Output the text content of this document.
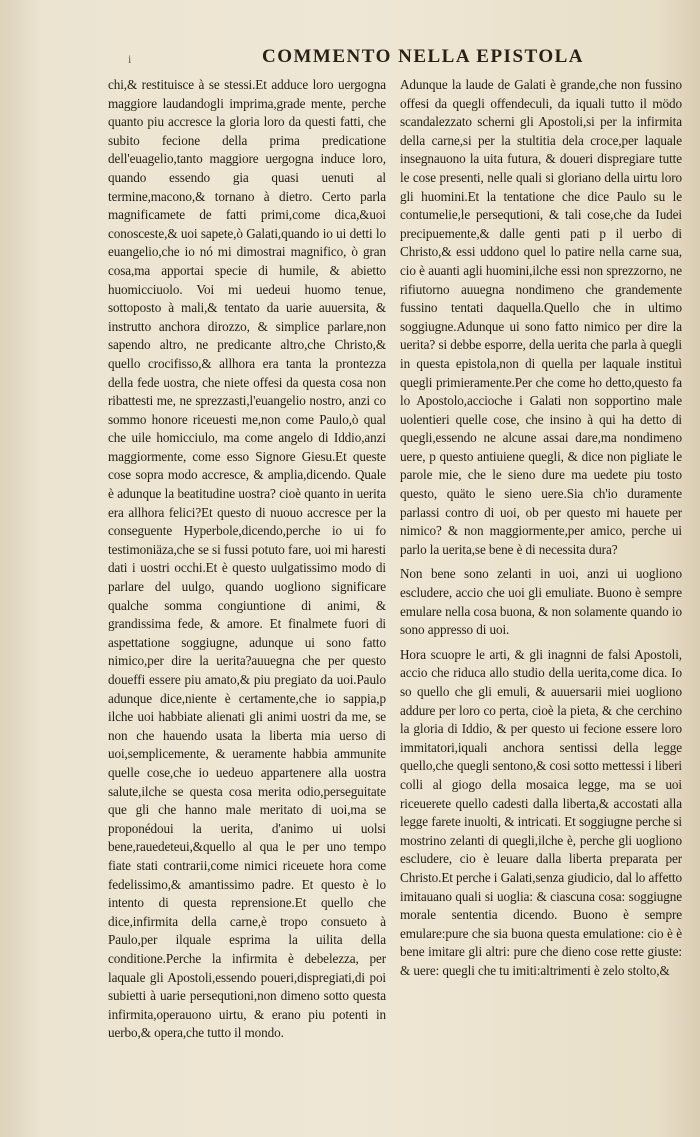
i	COMMENTO NELLA EPISTOLA

chi,& restituisce à se stessi.Et adduce loro uergogna maggiore laudandogli imprima,grade mente, perche quanto piu accresce la gloria loro da questi fatti, che subito fecione della prima predicatione dell'euagelio,tanto maggiore uergogna induce loro, quando essendo gia quasi uenuti al termine,macono,& tornano à dietro. Certo parla magnificamete de fatti primi,come dica,&uoi conosceste,& uoi sapete,ò Galati,quando io ui detti lo euangelio,che io nó mi dimostrai magnifico, ò gran cosa,ma apportai specie di humile, & abietto huomicciuolo. Voi mi uedeui huomo tenue, sottoposto à mali,& tentato da uarie auuersita, & instrutto anchora dirozzo, & simplice parlare,non sapendo altro, ne predicante altro,che Christo,& quello crocifisso,& allhora era tanta la prontezza della fede uostra, che niete offesi da questa cosa non ribattesti me, ne sprezzasti,l'euangelio nostro, anzi co sommo honore riceuesti me,non come Paulo,ò qual che uile homicciulo, ma come angelo di Iddio,anzi maggiormente, come esso Signore Giesu.Et queste cose sopra modo accresce, & amplia,dicendo. Quale è adunque la beatitudine uostra? cioè quanto in uerita era allhora felici?Et questo di nuouo accresce per la conseguente Hyperbole,dicendo,perche io ui fo testimoniäza,che se si fussi potuto fare, uoi mi haresti dati i uostri occhi.Et è questo uulgatissimo modo di parlare del uulgo, quando uogliono significare qualche somma congiuntione di animi, & grandissima fede, & amore. Et finalmete fuori di aspettatione soggiugne, adunque ui sono fatto nimico,per dire la uerita?auuegna che per questo doueffi essere piu amato,& piu pregiato da uoi.Paulo adunque dice,niente è certamente,che io sappia,p ilche uoi habbiate alienati gli animi uostri da me, se non che hauendo usata la liberta mia uerso di uoi,semplicemente, & ueramente habbia ammunite quelle cose,che io uedeuo appartenere alla uostra salute,ilche se questa cosa merita odio,perseguitate que gli che hanno male meritato di uoi,ma se proponédoui la uerita, d'animo ui uolsi bene,rauedeteui,&quello al qua le per uno tempo fiate stati contrarii,come nimici riceuete hora come fedelissimo,& amantissimo padre. Et questo è lo intento di questa reprensione.Et quello che dice,infirmita della carne,è tropo consueto à Paulo,per ilquale esprima la uilita della conditione.Perche la infirmita è debelezza, per laquale gli Apostoli,essendo poueri,dispregiati,di poi subietti à uarie persequtioni,non dimeno sotto questa infirmita,operauono uirtu, & erano piu potenti in uerbo,& opera,che tutto il mondo.

Adunque la laude de Galati è grande,che non fussino offesi da quegli offendeculi, da iquali tutto il mödo scandalezzato scherni gli Apostoli,si per la infirmita della carne,si per la stultitia dela croce,per laquale insegnauono la uita futura, & doueri dispregiare tutte le cose presenti, nelle quali si gloriano della uirtu loro gli huomini.Et la tentatione che dice Paulo su le contumelie,le persequtioni, & tali cose,che da Iudei precipuemente,& dalle genti pati p il uerbo di Christo,& essi uddono quel lo patire nella carne sua, cio è auanti agli huomini,ilche essi non sprezzorno, ne rifiutorno auuegna nondimeno che grandemente fussino tentati daquella.Quello che in ultimo soggiugne.Adunque ui sono fatto nimico per dire la uerita? si debbe esporre, della uerita che parla à quegli in questa epistola,non di quella per laquale instituì quegli primieramente.Per che come ho detto,questo fa lo Apostolo,accioche i Galati non sopportino male uolentieri quelle cose, che insino à qui ha detto di quegli,essendo ne alcune assai dare,ma nondimeno uere, p questo antiuiene quegli, & dice non pigliate le parole mie, che le sieno dure ma uedete piu tosto questo, quäto le sieno uere.Sia ch'io duramente parlassi contro di uoi, ob per questo mi hauete per nimico? & non maggiormente,per amico, perche ui parlo la uerita,se bene è di necessita dura?

Non bene sono zelanti in uoi, anzi ui uogliono escludere, accio che uoi gli emuliate. Buono è sempre emulare nella cosa buona, & non solamente quando io sono appresso di uoi.

Hora scuopre le arti, & gli inagnni de falsi Apostoli, accio che riduca allo studio della uerita,come dica. Io so quello che gli emuli, & auuersarii miei uogliono addure per loro co perta, cioè la pieta, & che cerchino la gloria di Iddio, & per questo ui fecione essere loro immitatori,iquali anchora sentissi della legge quello,che quegli sentono,& cosi sotto mettessi i liberi colli al giogo della mosaica legge, ma se uoi riceuerete quello cadesti dalla liberta,& accostati alla legge farete inuolti, & intricati. Et soggiugne perche si mostrino zelanti di quegli,ilche è, perche gli uogliono escludere, cio è leuare dalla liberta preparata per Christo.Et perche i Galati,senza giudicio, dal lo affetto imitauano quali si uoglia: & ciascuna cosa: soggiugne morale sententia dicendo. Buono è sempre emulare:pure che sia buona questa emulatione: cio è è bene imitare gli altri: pure che dieno cose rette giuste: & uere: quegli che tu imiti:altrimenti è zelo stolto,&
